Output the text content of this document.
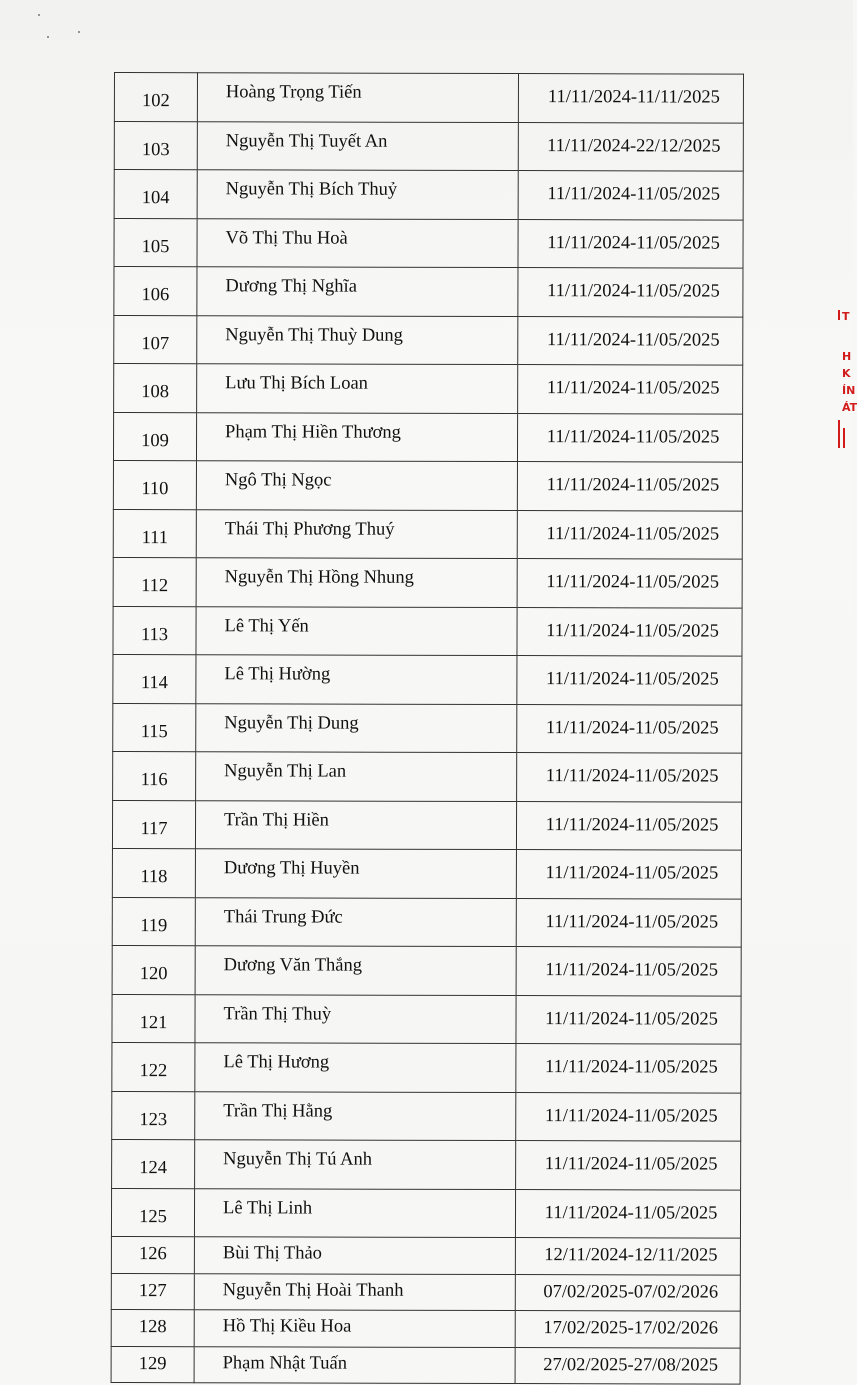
102	Hoàng Trọng Tiến	11/11/2024-11/11/2025
103	Nguyễn Thị Tuyết An	11/11/2024-22/12/2025
104	Nguyễn Thị Bích Thuỷ	11/11/2024-11/05/2025
105	Võ Thị Thu Hoà	11/11/2024-11/05/2025
106	Dương Thị Nghĩa	11/11/2024-11/05/2025
107	Nguyễn Thị Thuỳ Dung	11/11/2024-11/05/2025
108	Lưu Thị Bích Loan	11/11/2024-11/05/2025
109	Phạm Thị Hiền Thương	11/11/2024-11/05/2025
110	Ngô Thị Ngọc	11/11/2024-11/05/2025
111	Thái Thị Phương Thuý	11/11/2024-11/05/2025
112	Nguyễn Thị Hồng Nhung	11/11/2024-11/05/2025
113	Lê Thị Yến	11/11/2024-11/05/2025
114	Lê Thị Hường	11/11/2024-11/05/2025
115	Nguyễn Thị Dung	11/11/2024-11/05/2025
116	Nguyễn Thị Lan	11/11/2024-11/05/2025
117	Trần Thị Hiền	11/11/2024-11/05/2025
118	Dương Thị Huyền	11/11/2024-11/05/2025
119	Thái Trung Đức	11/11/2024-11/05/2025
120	Dương Văn Thắng	11/11/2024-11/05/2025
121	Trần Thị Thuỳ	11/11/2024-11/05/2025
122	Lê Thị Hương	11/11/2024-11/05/2025
123	Trần Thị Hằng	11/11/2024-11/05/2025
124	Nguyễn Thị Tú Anh	11/11/2024-11/05/2025
125	Lê Thị Linh	11/11/2024-11/05/2025
126	Bùi Thị Thảo	12/11/2024-12/11/2025
127	Nguyễn Thị Hoài Thanh	07/02/2025-07/02/2026
128	Hồ Thị Kiều Hoa	17/02/2025-17/02/2026
129	Phạm Nhật Tuấn	27/02/2025-27/08/2025
T
H
K
ÍN
ÁT
